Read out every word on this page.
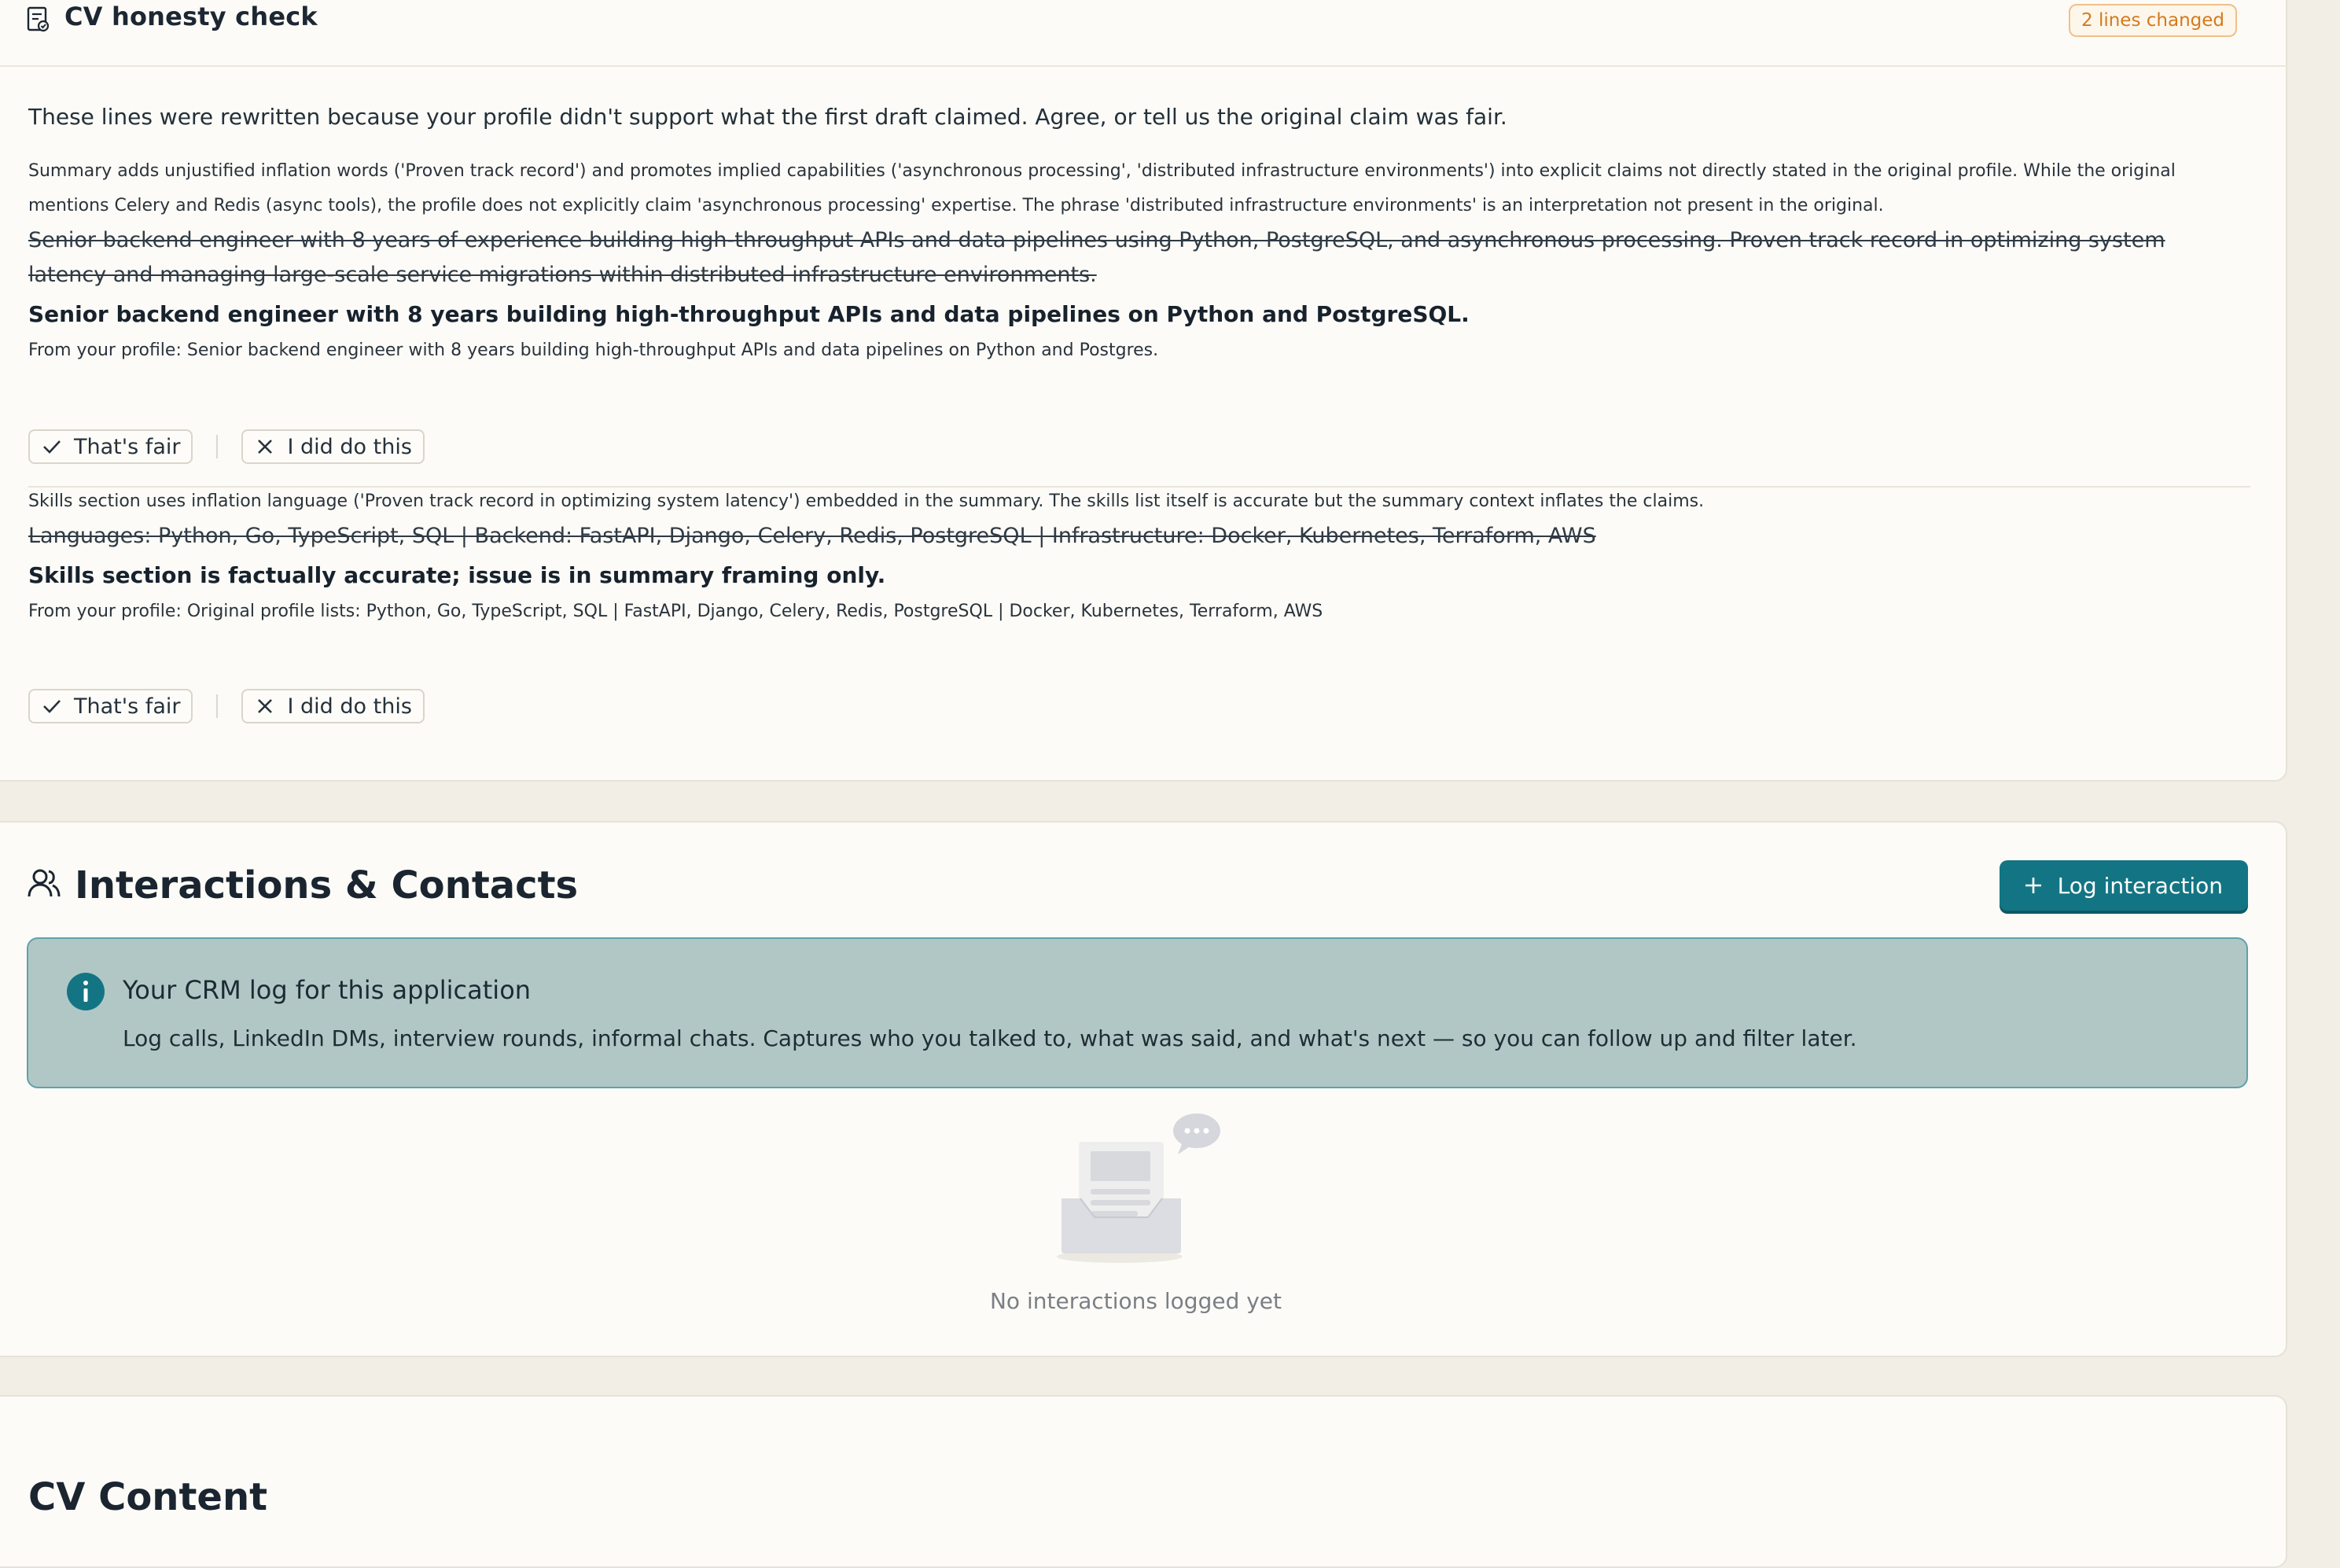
CV honesty check	2 lines changed
These lines were rewritten because your profile didn't support what the first draft claimed. Agree, or tell us the original claim was fair.
Summary adds unjustified inflation words ('Proven track record') and promotes implied capabilities ('asynchronous processing', 'distributed infrastructure environments') into explicit claims not directly stated in the original profile. While the original mentions Celery and Redis (async tools), the profile does not explicitly claim 'asynchronous processing' expertise. The phrase 'distributed infrastructure environments' is an interpretation not present in the original.
Senior backend engineer with 8 years of experience building high-throughput APIs and data pipelines using Python, PostgreSQL, and asynchronous processing. Proven track record in optimizing system latency and managing large-scale service migrations within distributed infrastructure environments.
Senior backend engineer with 8 years building high-throughput APIs and data pipelines on Python and PostgreSQL.
From your profile: Senior backend engineer with 8 years building high-throughput APIs and data pipelines on Python and Postgres.
That's fair	I did do this
Skills section uses inflation language ('Proven track record in optimizing system latency') embedded in the summary. The skills list itself is accurate but the summary context inflates the claims.
Languages: Python, Go, TypeScript, SQL | Backend: FastAPI, Django, Celery, Redis, PostgreSQL | Infrastructure: Docker, Kubernetes, Terraform, AWS
Skills section is factually accurate; issue is in summary framing only.
From your profile: Original profile lists: Python, Go, TypeScript, SQL | FastAPI, Django, Celery, Redis, PostgreSQL | Docker, Kubernetes, Terraform, AWS
That's fair	I did do this
Interactions & Contacts	Log interaction
Your CRM log for this application
Log calls, LinkedIn DMs, interview rounds, informal chats. Captures who you talked to, what was said, and what's next — so you can follow up and filter later.
No interactions logged yet
CV Content
